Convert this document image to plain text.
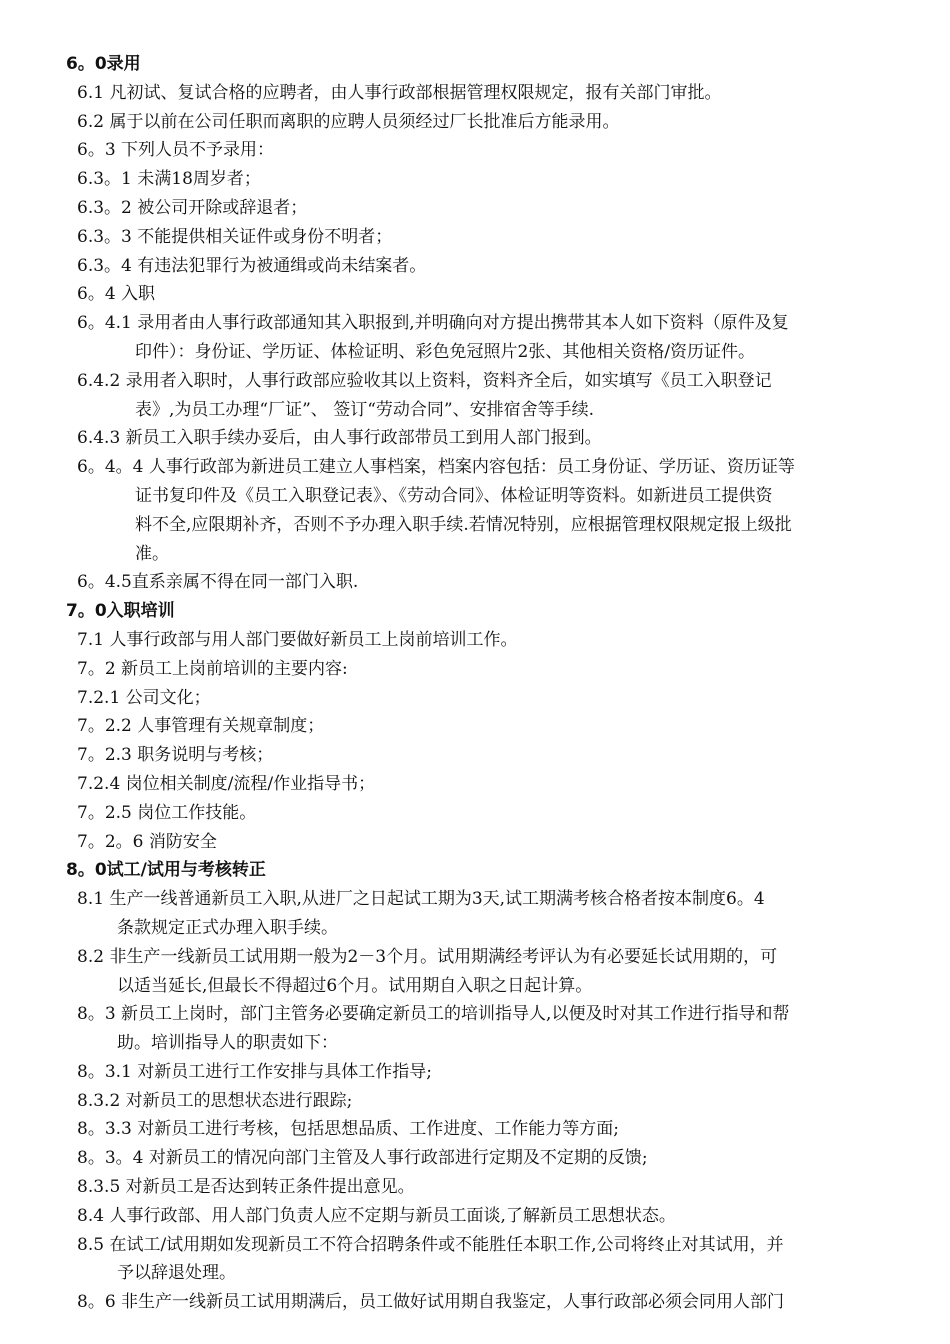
6。0录用
6.1 凡初试、复试合格的应聘者，由人事行政部根据管理权限规定，报有关部门审批。
6.2 属于以前在公司任职而离职的应聘人员须经过厂长批准后方能录用。
6。3 下列人员不予录用：
6.3。1 未满18周岁者；
6.3。2 被公司开除或辞退者；
6.3。3 不能提供相关证件或身份不明者；
6.3。4 有违法犯罪行为被通缉或尚未结案者。
6。4 入职
6。4.1 录用者由人事行政部通知其入职报到,并明确向对方提出携带其本人如下资料（原件及复
印件）：身份证、学历证、体检证明、彩色免冠照片2张、其他相关资格/资历证件。
6.4.2 录用者入职时，人事行政部应验收其以上资料，资料齐全后，如实填写《员工入职登记
表》,为员工办理“厂证”、 签订“劳动合同”、安排宿舍等手续.
6.4.3 新员工入职手续办妥后，由人事行政部带员工到用人部门报到。
6。4。4 人事行政部为新进员工建立人事档案，档案内容包括：员工身份证、学历证、资历证等
证书复印件及《员工入职登记表》、《劳动合同》、体检证明等资料。如新进员工提供资
料不全,应限期补齐，否则不予办理入职手续.若情况特别，应根据管理权限规定报上级批
准。
6。4.5直系亲属不得在同一部门入职.
7。0入职培训
7.1 人事行政部与用人部门要做好新员工上岗前培训工作。
7。2 新员工上岗前培训的主要内容:
7.2.1 公司文化；
7。2.2 人事管理有关规章制度；
7。2.3 职务说明与考核；
7.2.4 岗位相关制度/流程/作业指导书；
7。2.5 岗位工作技能。
7。2。6 消防安全
8。0试工/试用与考核转正
8.1 生产一线普通新员工入职,从进厂之日起试工期为3天,试工期满考核合格者按本制度6。4
条款规定正式办理入职手续。
8.2 非生产一线新员工试用期一般为2－3个月。试用期满经考评认为有必要延长试用期的，可
以适当延长,但最长不得超过6个月。试用期自入职之日起计算。
8。3 新员工上岗时，部门主管务必要确定新员工的培训指导人,以便及时对其工作进行指导和帮
助。培训指导人的职责如下：
8。3.1 对新员工进行工作安排与具体工作指导;
8.3.2 对新员工的思想状态进行跟踪;
8。3.3 对新员工进行考核，包括思想品质、工作进度、工作能力等方面;
8。3。4 对新员工的情况向部门主管及人事行政部进行定期及不定期的反馈;
8.3.5 对新员工是否达到转正条件提出意见。
8.4 人事行政部、用人部门负责人应不定期与新员工面谈,了解新员工思想状态。
8.5 在试工/试用期如发现新员工不符合招聘条件或不能胜任本职工作,公司将终止对其试用，并
予以辞退处理。
8。6 非生产一线新员工试用期满后，员工做好试用期自我鉴定，人事行政部必须会同用人部门
